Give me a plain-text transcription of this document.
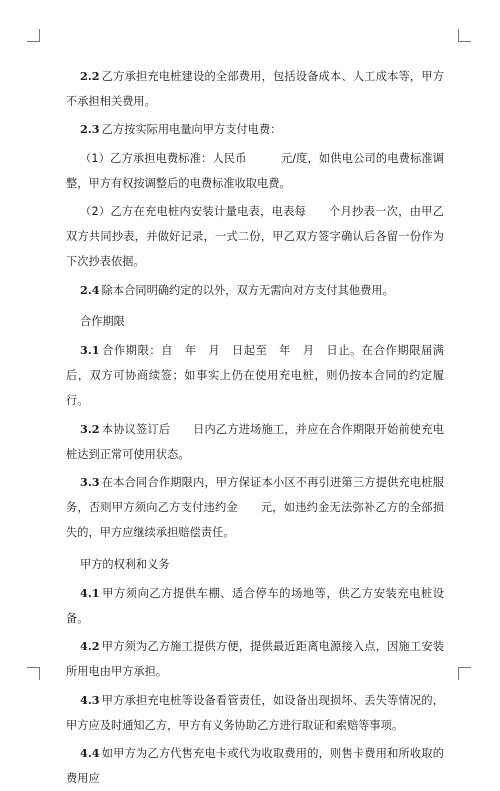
2.2 乙方承担充电桩建设的全部费用，包括设备成本、人工成本等，甲方不承担相关费用。

2.3 乙方按实际用电量向甲方支付电费：

（1）乙方承担电费标准：人民币　　　元/度，如供电公司的电费标准调整，甲方有权按调整后的电费标准收取电费。

（2）乙方在充电桩内安装计量电表，电表每　　个月抄表一次，由甲乙双方共同抄表，并做好记录，一式二份，甲乙双方签字确认后各留一份作为下次抄表依据。

2.4 除本合同明确约定的以外，双方无需向对方支付其他费用。

合作期限

3.1 合作期限：自　年　月　日起至　年　月　日止。在合作期限届满后，双方可协商续签；如事实上仍在使用充电桩，则仍按本合同的约定履行。

3.2 本协议签订后　　日内乙方进场施工，并应在合作期限开始前使充电桩达到正常可使用状态。

3.3 在本合同合作期限内，甲方保证本小区不再引进第三方提供充电桩服务，否则甲方须向乙方支付违约金　　元，如违约金无法弥补乙方的全部损失的，甲方应继续承担赔偿责任。

甲方的权利和义务

4.1 甲方须向乙方提供车棚、适合停车的场地等，供乙方安装充电桩设备。

4.2 甲方须为乙方施工提供方便，提供最近距离电源接入点，因施工安装所用电由甲方承担。

4.3 甲方承担充电桩等设备看管责任，如设备出现损坏、丢失等情况的，甲方应及时通知乙方，甲方有义务协助乙方进行取证和索赔等事项。

4.4 如甲方为乙方代售充电卡或代为收取费用的，则售卡费用和所收取的费用应
